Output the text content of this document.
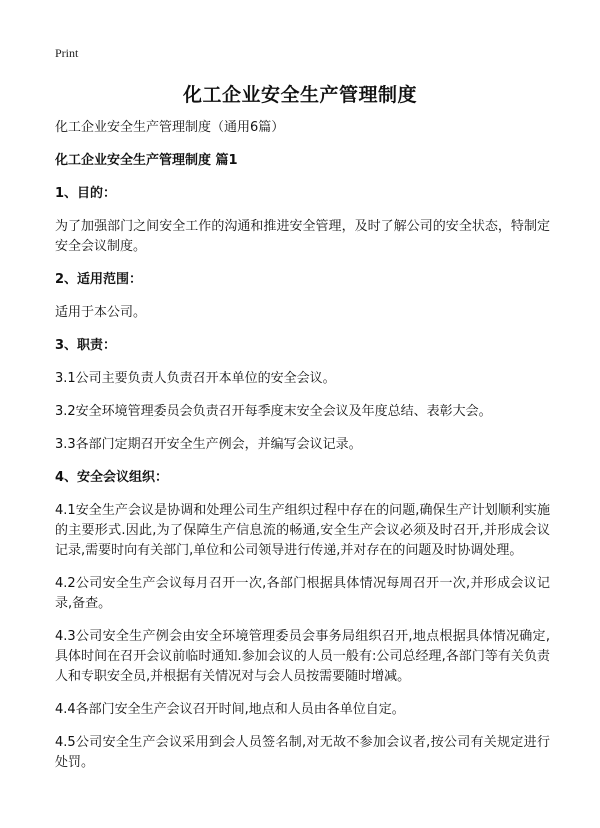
Print
化工企业安全生产管理制度

化工企业安全生产管理制度（通用6篇）

化工企业安全生产管理制度 篇1

1、目的：

为了加强部门之间安全工作的沟通和推进安全管理，及时了解公司的安全状态，特制定安全会议制度。

2、适用范围：

适用于本公司。

3、职责：

3.1公司主要负责人负责召开本单位的安全会议。

3.2安全环境管理委员会负责召开每季度末安全会议及年度总结、表彰大会。

3.3各部门定期召开安全生产例会，并编写会议记录。

4、安全会议组织：

4.1安全生产会议是协调和处理公司生产组织过程中存在的问题,确保生产计划顺利实施的主要形式.因此,为了保障生产信息流的畅通,安全生产会议必须及时召开,并形成会议记录,需要时向有关部门,单位和公司领导进行传递,并对存在的问题及时协调处理。

4.2公司安全生产会议每月召开一次,各部门根据具体情况每周召开一次,并形成会议记录,备查。

4.3公司安全生产例会由安全环境管理委员会事务局组织召开,地点根据具体情况确定,具体时间在召开会议前临时通知.参加会议的人员一般有:公司总经理,各部门等有关负责人和专职安全员,并根据有关情况对与会人员按需要随时增减。

4.4各部门安全生产会议召开时间,地点和人员由各单位自定。

4.5公司安全生产会议采用到会人员签名制,对无故不参加会议者,按公司有关规定进行处罚。
